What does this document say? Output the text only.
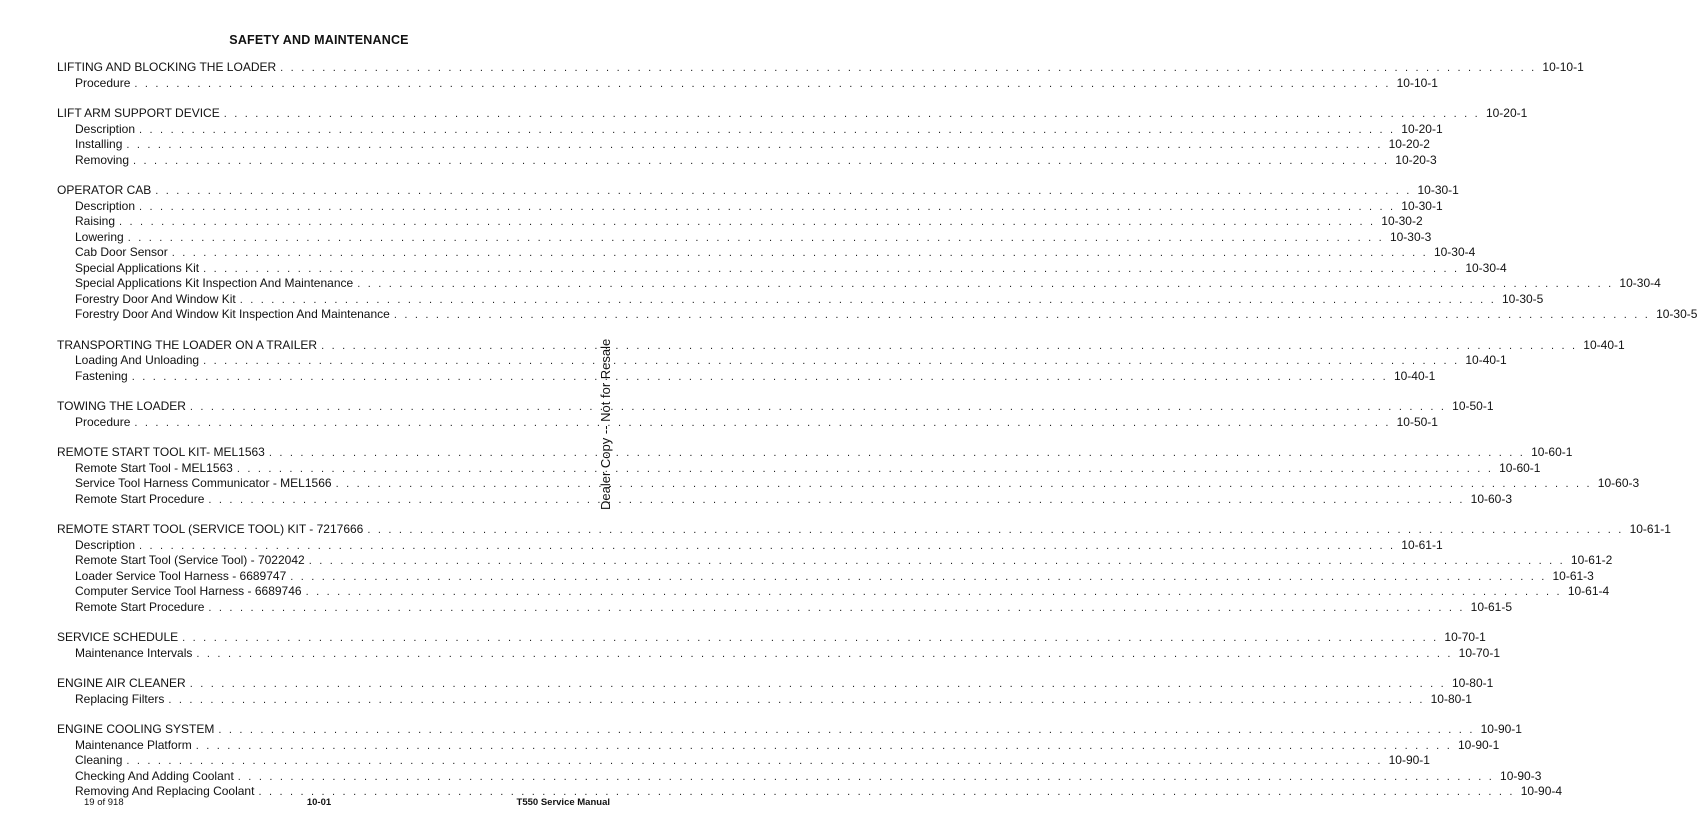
SAFETY AND MAINTENANCE
LIFTING AND BLOCKING THE LOADER . . . . . . . . . . . . . . . . . . . . . . . . . . . . . . . . . . . . . . . . . . . . . . . . . . . . . . . . . . . . . . . . . . . . . . . . . . . . . . . . . . . . . . . . . . . . . . . . . . . . . . . . . . . . . . . . . . . . . . . . 10-10-1
Procedure . . . . . . . . . . . . . . . . . . . . . . . . . . . . . . . . . . . . . . . . . . . . . . . . . . . . . . . . . . . . . . . . . . . . . . . . . . . . . . . . . . . . . . . . . . . . . . . . . . . . . . . . . . . . . . . . . . . . . . . . 10-10-1
LIFT ARM SUPPORT DEVICE . . . . . . . . . . . . . . . . . . . . . . . . . . . . . . . . . . . . . . . . . . . . . . . . . . . . . . . . . . . . . . . . . . . . . . . . . . . . . . . . . . . . . . . . . . . . . . . . . . . . . . . . . . . . . . . . . . . . . . . . 10-20-1
Description . . . . . . . . . . . . . . . . . . . . . . . . . . . . . . . . . . . . . . . . . . . . . . . . . . . . . . . . . . . . . . . . . . . . . . . . . . . . . . . . . . . . . . . . . . . . . . . . . . . . . . . . . . . . . . . . . . . . . . . . 10-20-1
Installing . . . . . . . . . . . . . . . . . . . . . . . . . . . . . . . . . . . . . . . . . . . . . . . . . . . . . . . . . . . . . . . . . . . . . . . . . . . . . . . . . . . . . . . . . . . . . . . . . . . . . . . . . . . . . . . . . . . . . . . . 10-20-2
Removing . . . . . . . . . . . . . . . . . . . . . . . . . . . . . . . . . . . . . . . . . . . . . . . . . . . . . . . . . . . . . . . . . . . . . . . . . . . . . . . . . . . . . . . . . . . . . . . . . . . . . . . . . . . . . . . . . . . . . . . . 10-20-3
OPERATOR CAB . . . . . . . . . . . . . . . . . . . . . . . . . . . . . . . . . . . . . . . . . . . . . . . . . . . . . . . . . . . . . . . . . . . . . . . . . . . . . . . . . . . . . . . . . . . . . . . . . . . . . . . . . . . . . . . . . . . . . . . . 10-30-1
Description . . . . . . . . . . . . . . . . . . . . . . . . . . . . . . . . . . . . . . . . . . . . . . . . . . . . . . . . . . . . . . . . . . . . . . . . . . . . . . . . . . . . . . . . . . . . . . . . . . . . . . . . . . . . . . . . . . . . . . . . 10-30-1
Raising . . . . . . . . . . . . . . . . . . . . . . . . . . . . . . . . . . . . . . . . . . . . . . . . . . . . . . . . . . . . . . . . . . . . . . . . . . . . . . . . . . . . . . . . . . . . . . . . . . . . . . . . . . . . . . . . . . . . . . . . 10-30-2
Lowering . . . . . . . . . . . . . . . . . . . . . . . . . . . . . . . . . . . . . . . . . . . . . . . . . . . . . . . . . . . . . . . . . . . . . . . . . . . . . . . . . . . . . . . . . . . . . . . . . . . . . . . . . . . . . . . . . . . . . . . . 10-30-3
Cab Door Sensor . . . . . . . . . . . . . . . . . . . . . . . . . . . . . . . . . . . . . . . . . . . . . . . . . . . . . . . . . . . . . . . . . . . . . . . . . . . . . . . . . . . . . . . . . . . . . . . . . . . . . . . . . . . . . . . . . . . . . . . . 10-30-4
Special Applications Kit . . . . . . . . . . . . . . . . . . . . . . . . . . . . . . . . . . . . . . . . . . . . . . . . . . . . . . . . . . . . . . . . . . . . . . . . . . . . . . . . . . . . . . . . . . . . . . . . . . . . . . . . . . . . . . . . . . . . . . . . 10-30-4
Special Applications Kit Inspection And Maintenance . . . . . . . . . . . . . . . . . . . . . . . . . . . . . . . . . . . . . . . . . . . . . . . . . . . . . . . . . . . . . . . . . . . . . . . . . . . . . . . . . . . . . . . . . . . . . . . . . . . . . . . . . . . . . . . . . . . . . . . . 10-30-4
Forestry Door And Window Kit . . . . . . . . . . . . . . . . . . . . . . . . . . . . . . . . . . . . . . . . . . . . . . . . . . . . . . . . . . . . . . . . . . . . . . . . . . . . . . . . . . . . . . . . . . . . . . . . . . . . . . . . . . . . . . . . . . . . . . . . 10-30-5
Forestry Door And Window Kit Inspection And Maintenance . . . . . . . . . . . . . . . . . . . . . . . . . . . . . . . . . . . . . . . . . . . . . . . . . . . . . . . . . . . . . . . . . . . . . . . . . . . . . . . . . . . . . . . . . . . . . . . . . . . . . . . . . . . . . . . . . . . . . . . . 10-30-5
TRANSPORTING THE LOADER ON A TRAILER . . . . . . . . . . . . . . . . . . . . . . . . . . . . . . . . . . . . . . . . . . . . . . . . . . . . . . . . . . . . . . . . . . . . . . . . . . . . . . . . . . . . . . . . . . . . . . . . . . . . . . . . . . . . . . . . . . . . . . . . 10-40-1
Loading And Unloading . . . . . . . . . . . . . . . . . . . . . . . . . . . . . . . . . . . . . . . . . . . . . . . . . . . . . . . . . . . . . . . . . . . . . . . . . . . . . . . . . . . . . . . . . . . . . . . . . . . . . . . . . . . . . . . . . . . . . . . . 10-40-1
Fastening . . . . . . . . . . . . . . . . . . . . . . . . . . . . . . . . . . . . . . . . . . . . . . . . . . . . . . . . . . . . . . . . . . . . . . . . . . . . . . . . . . . . . . . . . . . . . . . . . . . . . . . . . . . . . . . . . . . . . . . . 10-40-1
TOWING THE LOADER . . . . . . . . . . . . . . . . . . . . . . . . . . . . . . . . . . . . . . . . . . . . . . . . . . . . . . . . . . . . . . . . . . . . . . . . . . . . . . . . . . . . . . . . . . . . . . . . . . . . . . . . . . . . . . . . . . . . . . . . 10-50-1
Procedure . . . . . . . . . . . . . . . . . . . . . . . . . . . . . . . . . . . . . . . . . . . . . . . . . . . . . . . . . . . . . . . . . . . . . . . . . . . . . . . . . . . . . . . . . . . . . . . . . . . . . . . . . . . . . . . . . . . . . . . . 10-50-1
REMOTE START TOOL KIT- MEL1563 . . . . . . . . . . . . . . . . . . . . . . . . . . . . . . . . . . . . . . . . . . . . . . . . . . . . . . . . . . . . . . . . . . . . . . . . . . . . . . . . . . . . . . . . . . . . . . . . . . . . . . . . . . . . . . . . . . . . . . . . 10-60-1
Remote Start Tool - MEL1563 . . . . . . . . . . . . . . . . . . . . . . . . . . . . . . . . . . . . . . . . . . . . . . . . . . . . . . . . . . . . . . . . . . . . . . . . . . . . . . . . . . . . . . . . . . . . . . . . . . . . . . . . . . . . . . . . . . . . . . . . 10-60-1
Service Tool Harness Communicator - MEL1566 . . . . . . . . . . . . . . . . . . . . . . . . . . . . . . . . . . . . . . . . . . . . . . . . . . . . . . . . . . . . . . . . . . . . . . . . . . . . . . . . . . . . . . . . . . . . . . . . . . . . . . . . . . . . . . . . . . . . . . . . 10-60-3
Remote Start Procedure . . . . . . . . . . . . . . . . . . . . . . . . . . . . . . . . . . . . . . . . . . . . . . . . . . . . . . . . . . . . . . . . . . . . . . . . . . . . . . . . . . . . . . . . . . . . . . . . . . . . . . . . . . . . . . . . . . . . . . . . 10-60-3
REMOTE START TOOL (SERVICE TOOL) KIT - 7217666 . . . . . . . . . . . . . . . . . . . . . . . . . . . . . . . . . . . . . . . . . . . . . . . . . . . . . . . . . . . . . . . . . . . . . . . . . . . . . . . . . . . . . . . . . . . . . . . . . . . . . . . . . . . . . . . . . . . . . . . . 10-61-1
Description . . . . . . . . . . . . . . . . . . . . . . . . . . . . . . . . . . . . . . . . . . . . . . . . . . . . . . . . . . . . . . . . . . . . . . . . . . . . . . . . . . . . . . . . . . . . . . . . . . . . . . . . . . . . . . . . . . . . . . . . 10-61-1
Remote Start Tool (Service Tool) - 7022042 . . . . . . . . . . . . . . . . . . . . . . . . . . . . . . . . . . . . . . . . . . . . . . . . . . . . . . . . . . . . . . . . . . . . . . . . . . . . . . . . . . . . . . . . . . . . . . . . . . . . . . . . . . . . . . . . . . . . . . . . 10-61-2
Loader Service Tool Harness - 6689747 . . . . . . . . . . . . . . . . . . . . . . . . . . . . . . . . . . . . . . . . . . . . . . . . . . . . . . . . . . . . . . . . . . . . . . . . . . . . . . . . . . . . . . . . . . . . . . . . . . . . . . . . . . . . . . . . . . . . . . . . 10-61-3
Computer Service Tool Harness - 6689746 . . . . . . . . . . . . . . . . . . . . . . . . . . . . . . . . . . . . . . . . . . . . . . . . . . . . . . . . . . . . . . . . . . . . . . . . . . . . . . . . . . . . . . . . . . . . . . . . . . . . . . . . . . . . . . . . . . . . . . . . 10-61-4
Remote Start Procedure . . . . . . . . . . . . . . . . . . . . . . . . . . . . . . . . . . . . . . . . . . . . . . . . . . . . . . . . . . . . . . . . . . . . . . . . . . . . . . . . . . . . . . . . . . . . . . . . . . . . . . . . . . . . . . . . . . . . . . . . 10-61-5
SERVICE SCHEDULE . . . . . . . . . . . . . . . . . . . . . . . . . . . . . . . . . . . . . . . . . . . . . . . . . . . . . . . . . . . . . . . . . . . . . . . . . . . . . . . . . . . . . . . . . . . . . . . . . . . . . . . . . . . . . . . . . . . . . . . . 10-70-1
Maintenance Intervals . . . . . . . . . . . . . . . . . . . . . . . . . . . . . . . . . . . . . . . . . . . . . . . . . . . . . . . . . . . . . . . . . . . . . . . . . . . . . . . . . . . . . . . . . . . . . . . . . . . . . . . . . . . . . . . . . . . . . . . . 10-70-1
ENGINE AIR CLEANER . . . . . . . . . . . . . . . . . . . . . . . . . . . . . . . . . . . . . . . . . . . . . . . . . . . . . . . . . . . . . . . . . . . . . . . . . . . . . . . . . . . . . . . . . . . . . . . . . . . . . . . . . . . . . . . . . . . . . . . . 10-80-1
Replacing Filters . . . . . . . . . . . . . . . . . . . . . . . . . . . . . . . . . . . . . . . . . . . . . . . . . . . . . . . . . . . . . . . . . . . . . . . . . . . . . . . . . . . . . . . . . . . . . . . . . . . . . . . . . . . . . . . . . . . . . . . . 10-80-1
ENGINE COOLING SYSTEM . . . . . . . . . . . . . . . . . . . . . . . . . . . . . . . . . . . . . . . . . . . . . . . . . . . . . . . . . . . . . . . . . . . . . . . . . . . . . . . . . . . . . . . . . . . . . . . . . . . . . . . . . . . . . . . . . . . . . . . . 10-90-1
Maintenance Platform . . . . . . . . . . . . . . . . . . . . . . . . . . . . . . . . . . . . . . . . . . . . . . . . . . . . . . . . . . . . . . . . . . . . . . . . . . . . . . . . . . . . . . . . . . . . . . . . . . . . . . . . . . . . . . . . . . . . . . . . 10-90-1
Cleaning . . . . . . . . . . . . . . . . . . . . . . . . . . . . . . . . . . . . . . . . . . . . . . . . . . . . . . . . . . . . . . . . . . . . . . . . . . . . . . . . . . . . . . . . . . . . . . . . . . . . . . . . . . . . . . . . . . . . . . . . 10-90-1
Checking And Adding Coolant . . . . . . . . . . . . . . . . . . . . . . . . . . . . . . . . . . . . . . . . . . . . . . . . . . . . . . . . . . . . . . . . . . . . . . . . . . . . . . . . . . . . . . . . . . . . . . . . . . . . . . . . . . . . . . . . . . . . . . . . 10-90-3
Removing And Replacing Coolant . . . . . . . . . . . . . . . . . . . . . . . . . . . . . . . . . . . . . . . . . . . . . . . . . . . . . . . . . . . . . . . . . . . . . . . . . . . . . . . . . . . . . . . . . . . . . . . . . . . . . . . . . . . . . . . . . . . . . . . . 10-90-4
Dealer Copy -- Not for Resale
19 of 918	10-01	T550 Service Manual
